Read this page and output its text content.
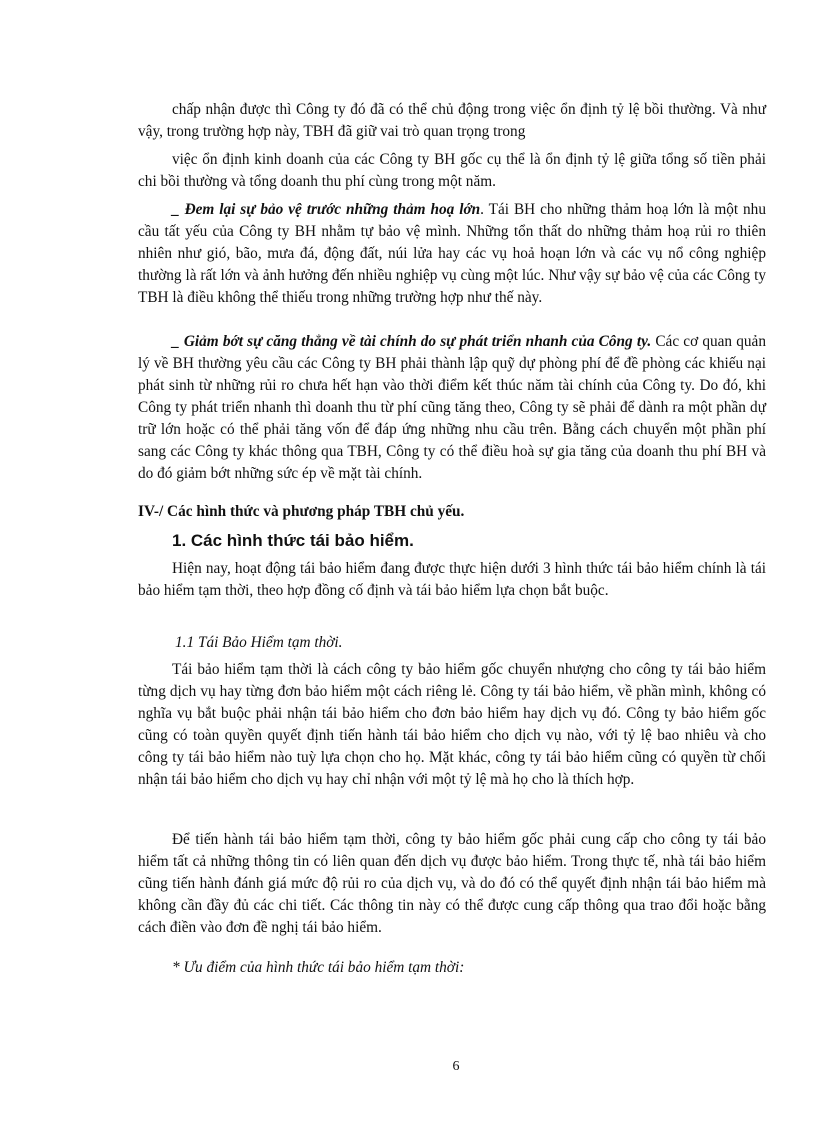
chấp nhận được thì Công ty đó đã có thể chủ động trong việc ổn định tỷ lệ bồi thường. Và như vậy, trong trường hợp này, TBH đã giữ vai trò quan trọng trong

việc ổn định kinh doanh của các Công ty BH gốc cụ thể là ổn định tỷ lệ giữa tổng số tiền phải chi bồi thường và tổng doanh thu phí cùng trong một năm.

_ Đem lại sự bảo vệ trước những thảm hoạ lớn. Tái BH cho những thảm hoạ lớn là một nhu cầu tất yếu của Công ty BH nhằm tự bảo vệ mình. Những tổn thất do những thảm hoạ rủi ro thiên nhiên như gió, bão, mưa đá, động đất, núi lửa hay các vụ hoả hoạn lớn và các vụ nổ công nghiệp thường là rất lớn và ảnh hưởng đến nhiều nghiệp vụ cùng một lúc. Như vậy sự bảo vệ của các Công ty TBH là điều không thể thiếu trong những trường hợp như thế này.

_ Giảm bớt sự căng thẳng về tài chính do sự phát triển nhanh của Công ty. Các cơ quan quản lý về BH thường yêu cầu các Công ty BH phải thành lập quỹ dự phòng phí để đề phòng các khiếu nại phát sinh từ những rủi ro chưa hết hạn vào thời điểm kết thúc năm tài chính của Công ty. Do đó, khi Công ty phát triển nhanh thì doanh thu từ phí cũng tăng theo, Công ty sẽ phải để dành ra một phần dự trữ lớn hoặc có thể phải tăng vốn để đáp ứng những nhu cầu trên. Bằng cách chuyển một phần phí sang các Công ty khác thông qua TBH, Công ty có thể điều hoà sự gia tăng của doanh thu phí BH và do đó giảm bớt những sức ép về mặt tài chính.

IV-/ Các hình thức và phương pháp TBH chủ yếu.

1. Các hình thức tái bảo hiểm.

Hiện nay, hoạt động tái bảo hiểm đang được thực hiện dưới 3 hình thức tái bảo hiểm chính là tái bảo hiểm tạm thời, theo hợp đồng cố định và tái bảo hiểm lựa chọn bắt buộc.

1.1 Tái Bảo Hiểm tạm thời.

Tái bảo hiểm tạm thời là cách công ty bảo hiểm gốc chuyển nhượng cho công ty tái bảo hiểm từng dịch vụ hay từng đơn bảo hiểm một cách riêng lẻ. Công ty tái bảo hiểm, về phần mình, không có nghĩa vụ bắt buộc phải nhận tái bảo hiểm cho đơn bảo hiểm hay dịch vụ đó. Công ty bảo hiểm gốc cũng có toàn quyền quyết định tiến hành tái bảo hiểm cho dịch vụ nào, với tỷ lệ bao nhiêu và cho công ty tái bảo hiểm nào tuỳ lựa chọn cho họ. Mặt khác, công ty tái bảo hiểm cũng có quyền từ chối nhận tái bảo hiểm cho dịch vụ hay chỉ nhận với một tỷ lệ mà họ cho là thích hợp.

Để tiến hành tái bảo hiểm tạm thời, công ty bảo hiểm gốc phải cung cấp cho công ty tái bảo hiểm tất cả những thông tin có liên quan đến dịch vụ được bảo hiểm. Trong thực tế, nhà tái bảo hiểm cũng tiến hành đánh giá mức độ rủi ro của dịch vụ, và do đó có thể quyết định nhận tái bảo hiểm mà không cần đầy đủ các chi tiết. Các thông tin này có thể được cung cấp thông qua trao đổi hoặc bằng cách điền vào đơn đề nghị tái bảo hiểm.

* Ưu điểm của hình thức tái bảo hiểm tạm thời:

6
